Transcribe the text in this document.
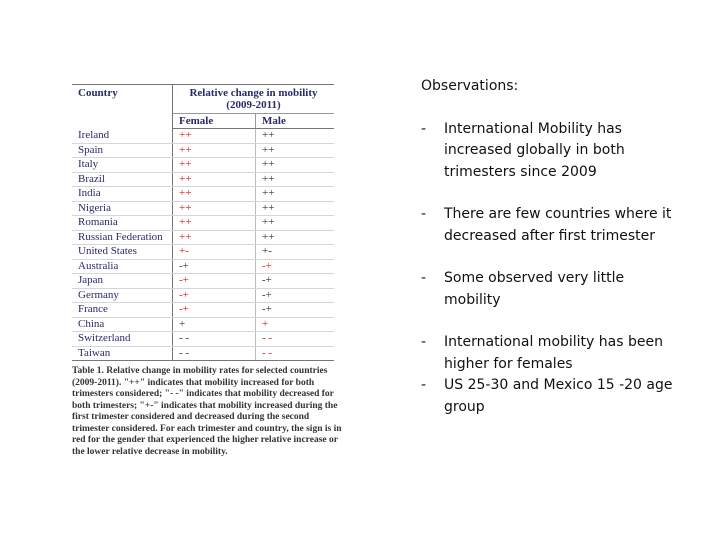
Country	Relative change in mobility
(2009-2011)	
	Female	Male
Ireland	++	++
Spain	++	++
Italy	++	++
Brazil	++	++
India	++	++
Nigeria	++	++
Romania	++	++
Russian Federation	++	++
United States	+-	+-
Australia	-+	-+
Japan	-+	-+
Germany	-+	-+
France	-+	-+
China	+	+
Switzerland	- -	- -
Taiwan	- -	- -
Table 1. Relative change in mobility rates for selected countries (2009-2011). "++" indicates that mobility increased for both trimesters considered; "- -" indicates that mobility decreased for both trimesters; "+-" indicates that mobility increased during the first trimester considered and decreased during the second trimester considered. For each trimester and country, the sign is in red for the gender that experienced the higher relative increase or the lower relative decrease in mobility.
Observations:
- International Mobility has increased globally in both trimesters since 2009
- There are few countries where it decreased after first trimester
- Some observed very little mobility
- International mobility has been higher for females
- US 25-30 and Mexico 15 -20 age group
